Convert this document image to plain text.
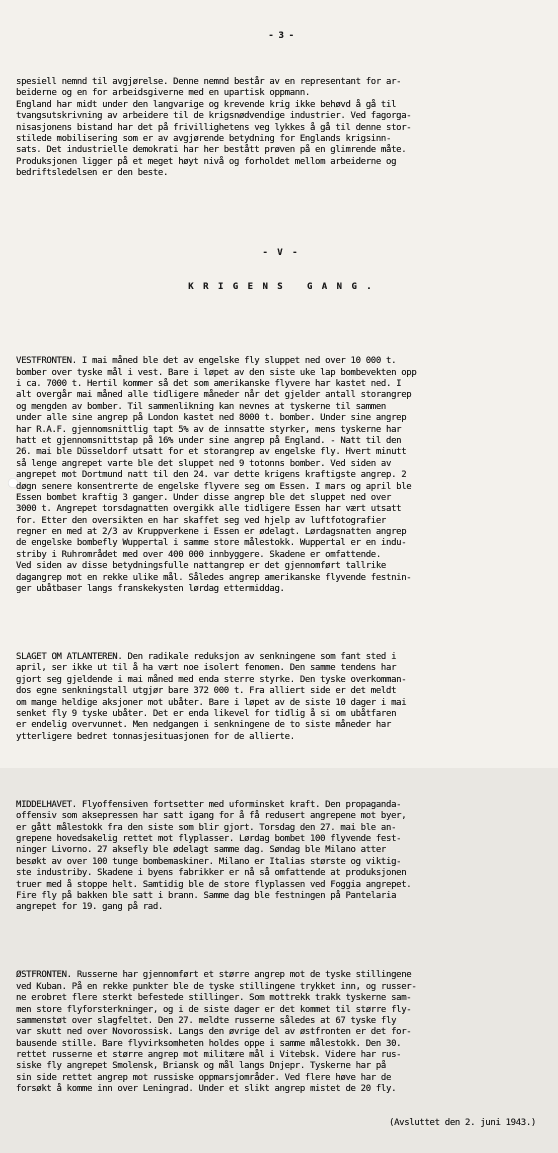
- 3 -

spesiell nemnd til avgjørelse. Denne nemnd består av en representant for ar-
beiderne og en for arbeidsgiverne med en upartisk oppmann.
England har midt under den langvarige og krevende krig ikke behøvd å gå til
tvangsutskrivning av arbeidere til de krigsnødvendige industrier. Ved fagorga-
nisasjonens bistand har det på frivillighetens veg lykkes å gå til denne stor-
stilede mobilisering som er av avgjørende betydning for Englands krigsinn-
sats. Det industrielle demokrati har her bestått prøven på en glimrende måte.
Produksjonen ligger på et meget høyt nivå og forholdet mellom arbeiderne og
bedriftsledelsen er den beste.

- V -

K R I G E N S   G A N G .

VESTFRONTEN. I mai måned ble det av engelske fly sluppet ned over 10 000 t.
bomber over tyske mål i vest. Bare i løpet av den siste uke lap bombevekten opp
i ca. 7000 t. Hertil kommer så det som amerikanske flyvere har kastet ned. I
alt overgår mai måned alle tidligere måneder når det gjelder antall storangrep
og mengden av bomber. Til sammenlikning kan nevnes at tyskerne til sammen
under alle sine angrep på London kastet ned 8000 t. bomber. Under sine angrep
har R.A.F. gjennomsnittlig tapt 5% av de innsatte styrker, mens tyskerne har
hatt et gjennomsnittstap på 16% under sine angrep på England. - Natt til den
26. mai ble Düsseldorf utsatt for et storangrep av engelske fly. Hvert minutt
så lenge angrepet varte ble det sluppet ned 9 totonns bomber. Ved siden av
angrepet mot Dortmund natt til den 24. var dette krigens kraftigste angrep. 2
døgn senere konsentrerte de engelske flyvere seg om Essen. I mars og april ble
Essen bombet kraftig 3 ganger. Under disse angrep ble det sluppet ned over
3000 t. Angrepet torsdagnatten overgikk alle tidligere Essen har vært utsatt
for. Etter den oversikten en har skaffet seg ved hjelp av luftfotografier
regner en med at 2/3 av Kruppverkene i Essen er ødelagt. Lørdagsnatten angrep
de engelske bombefly Wuppertal i samme store målestokk. Wuppertal er en indu-
striby i Ruhrområdet med over 400 000 innbyggere. Skadene er omfattende.
Ved siden av disse betydningsfulle nattangrep er det gjennomført tallrike
dagangrep mot en rekke ulike mål. Således angrep amerikanske flyvende festnin-
ger ubåtbaser langs franskekysten lørdag ettermiddag.

SLAGET OM ATLANTEREN. Den radikale reduksjon av senkningene som fant sted i
april, ser ikke ut til å ha vært noe isolert fenomen. Den samme tendens har
gjort seg gjeldende i mai måned med enda sterre styrke. Den tyske overkomman-
dos egne senkningstall utgjør bare 372 000 t. Fra alliert side er det meldt
om mange heldige aksjoner mot ubåter. Bare i løpet av de siste 10 dager i mai
senket fly 9 tyske ubåter. Det er enda likevel for tidlig å si om ubåtfaren
er endelig overvunnet. Men nedgangen i senkningene de to siste måneder har
ytterligere bedret tonnasjesituasjonen for de allierte.

MIDDELHAVET. Flyoffensiven fortsetter med uforminsket kraft. Den propaganda-
offensiv som aksepressen har satt igang for å få redusert angrepene mot byer,
er gått målestokk fra den siste som blir gjort. Torsdag den 27. mai ble an-
grepene hovedsakelig rettet mot flyplasser. Lørdag bombet 100 flyvende fest-
ninger Livorno. 27 aksefly ble ødelagt samme dag. Søndag ble Milano atter
besøkt av over 100 tunge bombemaskiner. Milano er Italias største og viktig-
ste industriby. Skadene i byens fabrikker er nå så omfattende at produksjonen
truer med å stoppe helt. Samtidig ble de store flyplassen ved Foggia angrepet.
Fire fly på bakken ble satt i brann. Samme dag ble festningen på Pantelaria
angrepet for 19. gang på rad.

ØSTFRONTEN. Russerne har gjennomført et større angrep mot de tyske stillingene
ved Kuban. På en rekke punkter ble de tyske stillingene trykket inn, og russer-
ne erobret flere sterkt befestede stillinger. Som mottrekk trakk tyskerne sam-
men store flyforsterkninger, og i de siste dager er det kommet til større fly-
sammenstøt over slagfeltet. Den 27. meldte russerne således at 67 tyske fly
var skutt ned over Novorossisk. Langs den øvrige del av østfronten er det for-
bausende stille. Bare flyvirksomheten holdes oppe i samme målestokk. Den 30.
rettet russerne et større angrep mot militære mål i Vitebsk. Videre har rus-
siske fly angrepet Smolensk, Briansk og mål langs Dnjepr. Tyskerne har på
sin side rettet angrep mot russiske oppmarsjområder. Ved flere høve har de
forsøkt å komme inn over Leningrad. Under et slikt angrep mistet de 20 fly.

(Avsluttet den 2. juni 1943.)
